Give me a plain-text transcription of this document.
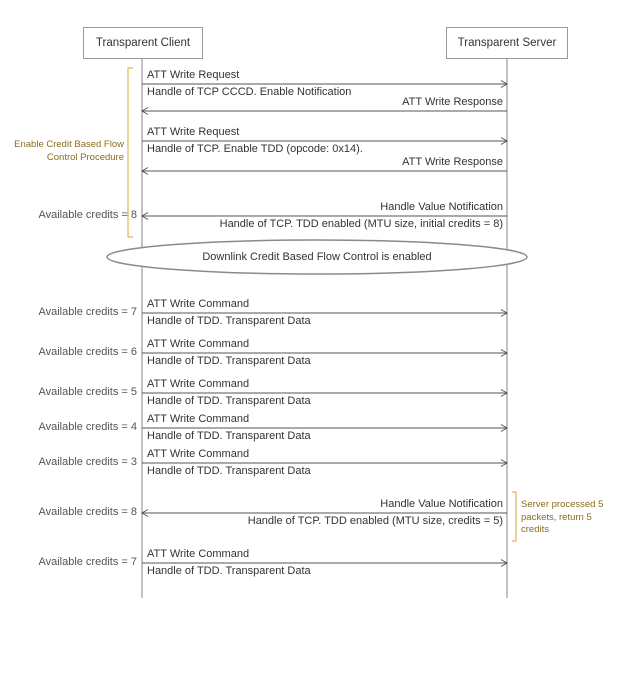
Transparent Client	Transparent Server
Enable Credit Based Flow Control Procedure
Downlink Credit Based Flow Control is enabled
Server processed 5 packets, return 5 credits
ATT Write Request
Handle of TCP CCCD. Enable Notification
ATT Write Response
ATT Write Request
Handle of TCP. Enable TDD (opcode: 0x14).
ATT Write Response
Handle Value Notification
Handle of TCP. TDD enabled (MTU size, initial credits = 8)
Available credits = 8
ATT Write Command
Handle of TDD. Transparent Data
Available credits = 7
ATT Write Command
Handle of TDD. Transparent Data
Available credits = 6
ATT Write Command
Handle of TDD. Transparent Data
Available credits = 5
ATT Write Command
Handle of TDD. Transparent Data
Available credits = 4
ATT Write Command
Handle of TDD. Transparent Data
Available credits = 3
Handle Value Notification
Handle of TCP. TDD enabled (MTU size, credits = 5)
Available credits = 8
ATT Write Command
Handle of TDD. Transparent Data
Available credits = 7
